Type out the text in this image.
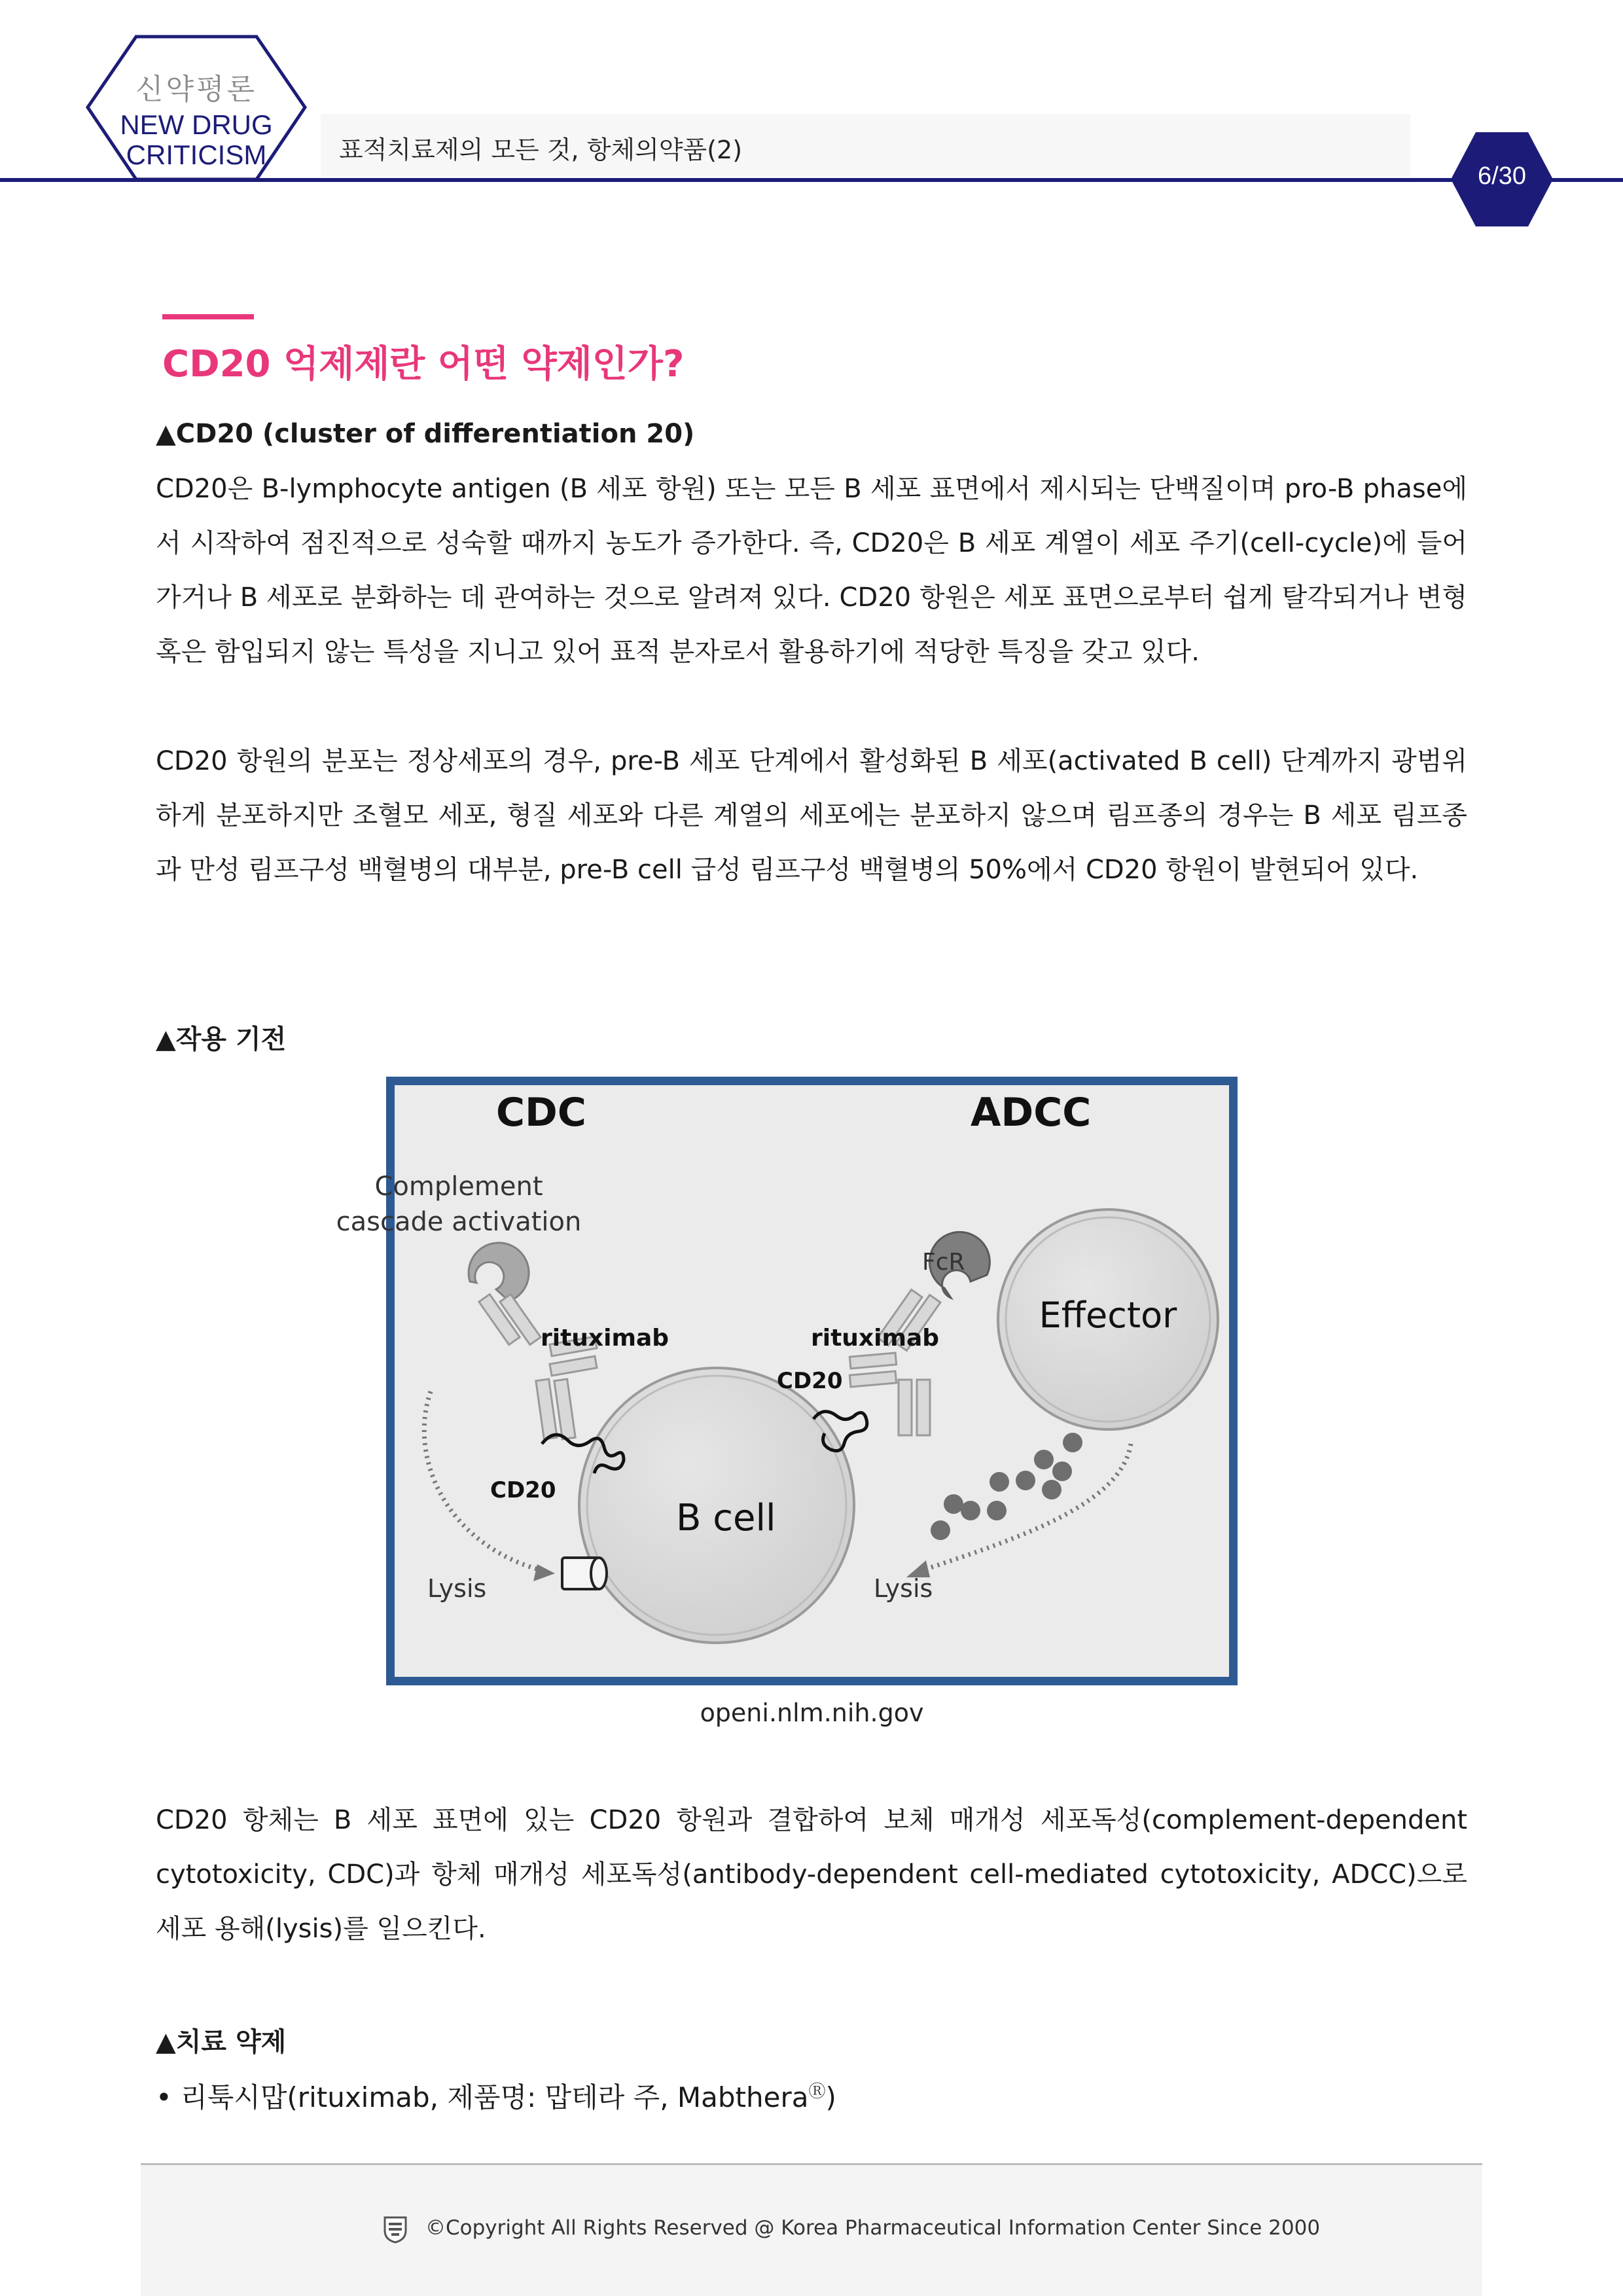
신약평론
NEW DRUG
CRITICISM	표적치료제의 모든 것, 항체의약품(2)
6/30
CD20 억제제란 어떤 약제인가?
▲CD20 (cluster of differentiation 20)
CD20은 B-lymphocyte antigen (B 세포 항원) 또는 모든 B 세포 표면에서 제시되는 단백질이며 pro-B phase에서 시작하여 점진적으로 성숙할 때까지 농도가 증가한다. 즉, CD20은 B 세포 계열이 세포 주기(cell-cycle)에 들어가거나 B 세포로 분화하는 데 관여하는 것으로 알려져 있다. CD20 항원은 세포 표면으로부터 쉽게 탈각되거나 변형 혹은 함입되지 않는 특성을 지니고 있어 표적 분자로서 활용하기에 적당한 특징을 갖고 있다.
CD20 항원의 분포는 정상세포의 경우, pre-B 세포 단계에서 활성화된 B 세포(activated B cell) 단계까지 광범위하게 분포하지만 조혈모 세포, 형질 세포와 다른 계열의 세포에는 분포하지 않으며 림프종의 경우는 B 세포 림프종과 만성 림프구성 백혈병의 대부분, pre-B cell 급성 림프구성 백혈병의 50%에서 CD20 항원이 발현되어 있다.
▲작용 기전
CDC	ADCC
Complement
cascade activation
FcR
Effector
rituximab	rituximab
CD20
CD20
B cell
Lysis	Lysis
openi.nlm.nih.gov
CD20 항체는 B 세포 표면에 있는 CD20 항원과 결합하여 보체 매개성 세포독성(complement-dependent cytotoxicity, CDC)과 항체 매개성 세포독성(antibody-dependent cell-mediated cytotoxicity, ADCC)으로 세포 용해(lysis)를 일으킨다.
▲치료 약제
• 리툭시맙(rituximab, 제품명: 맙테라 주, MabtheraⓇ)
©Copyright All Rights Reserved @ Korea Pharmaceutical Information Center Since 2000
